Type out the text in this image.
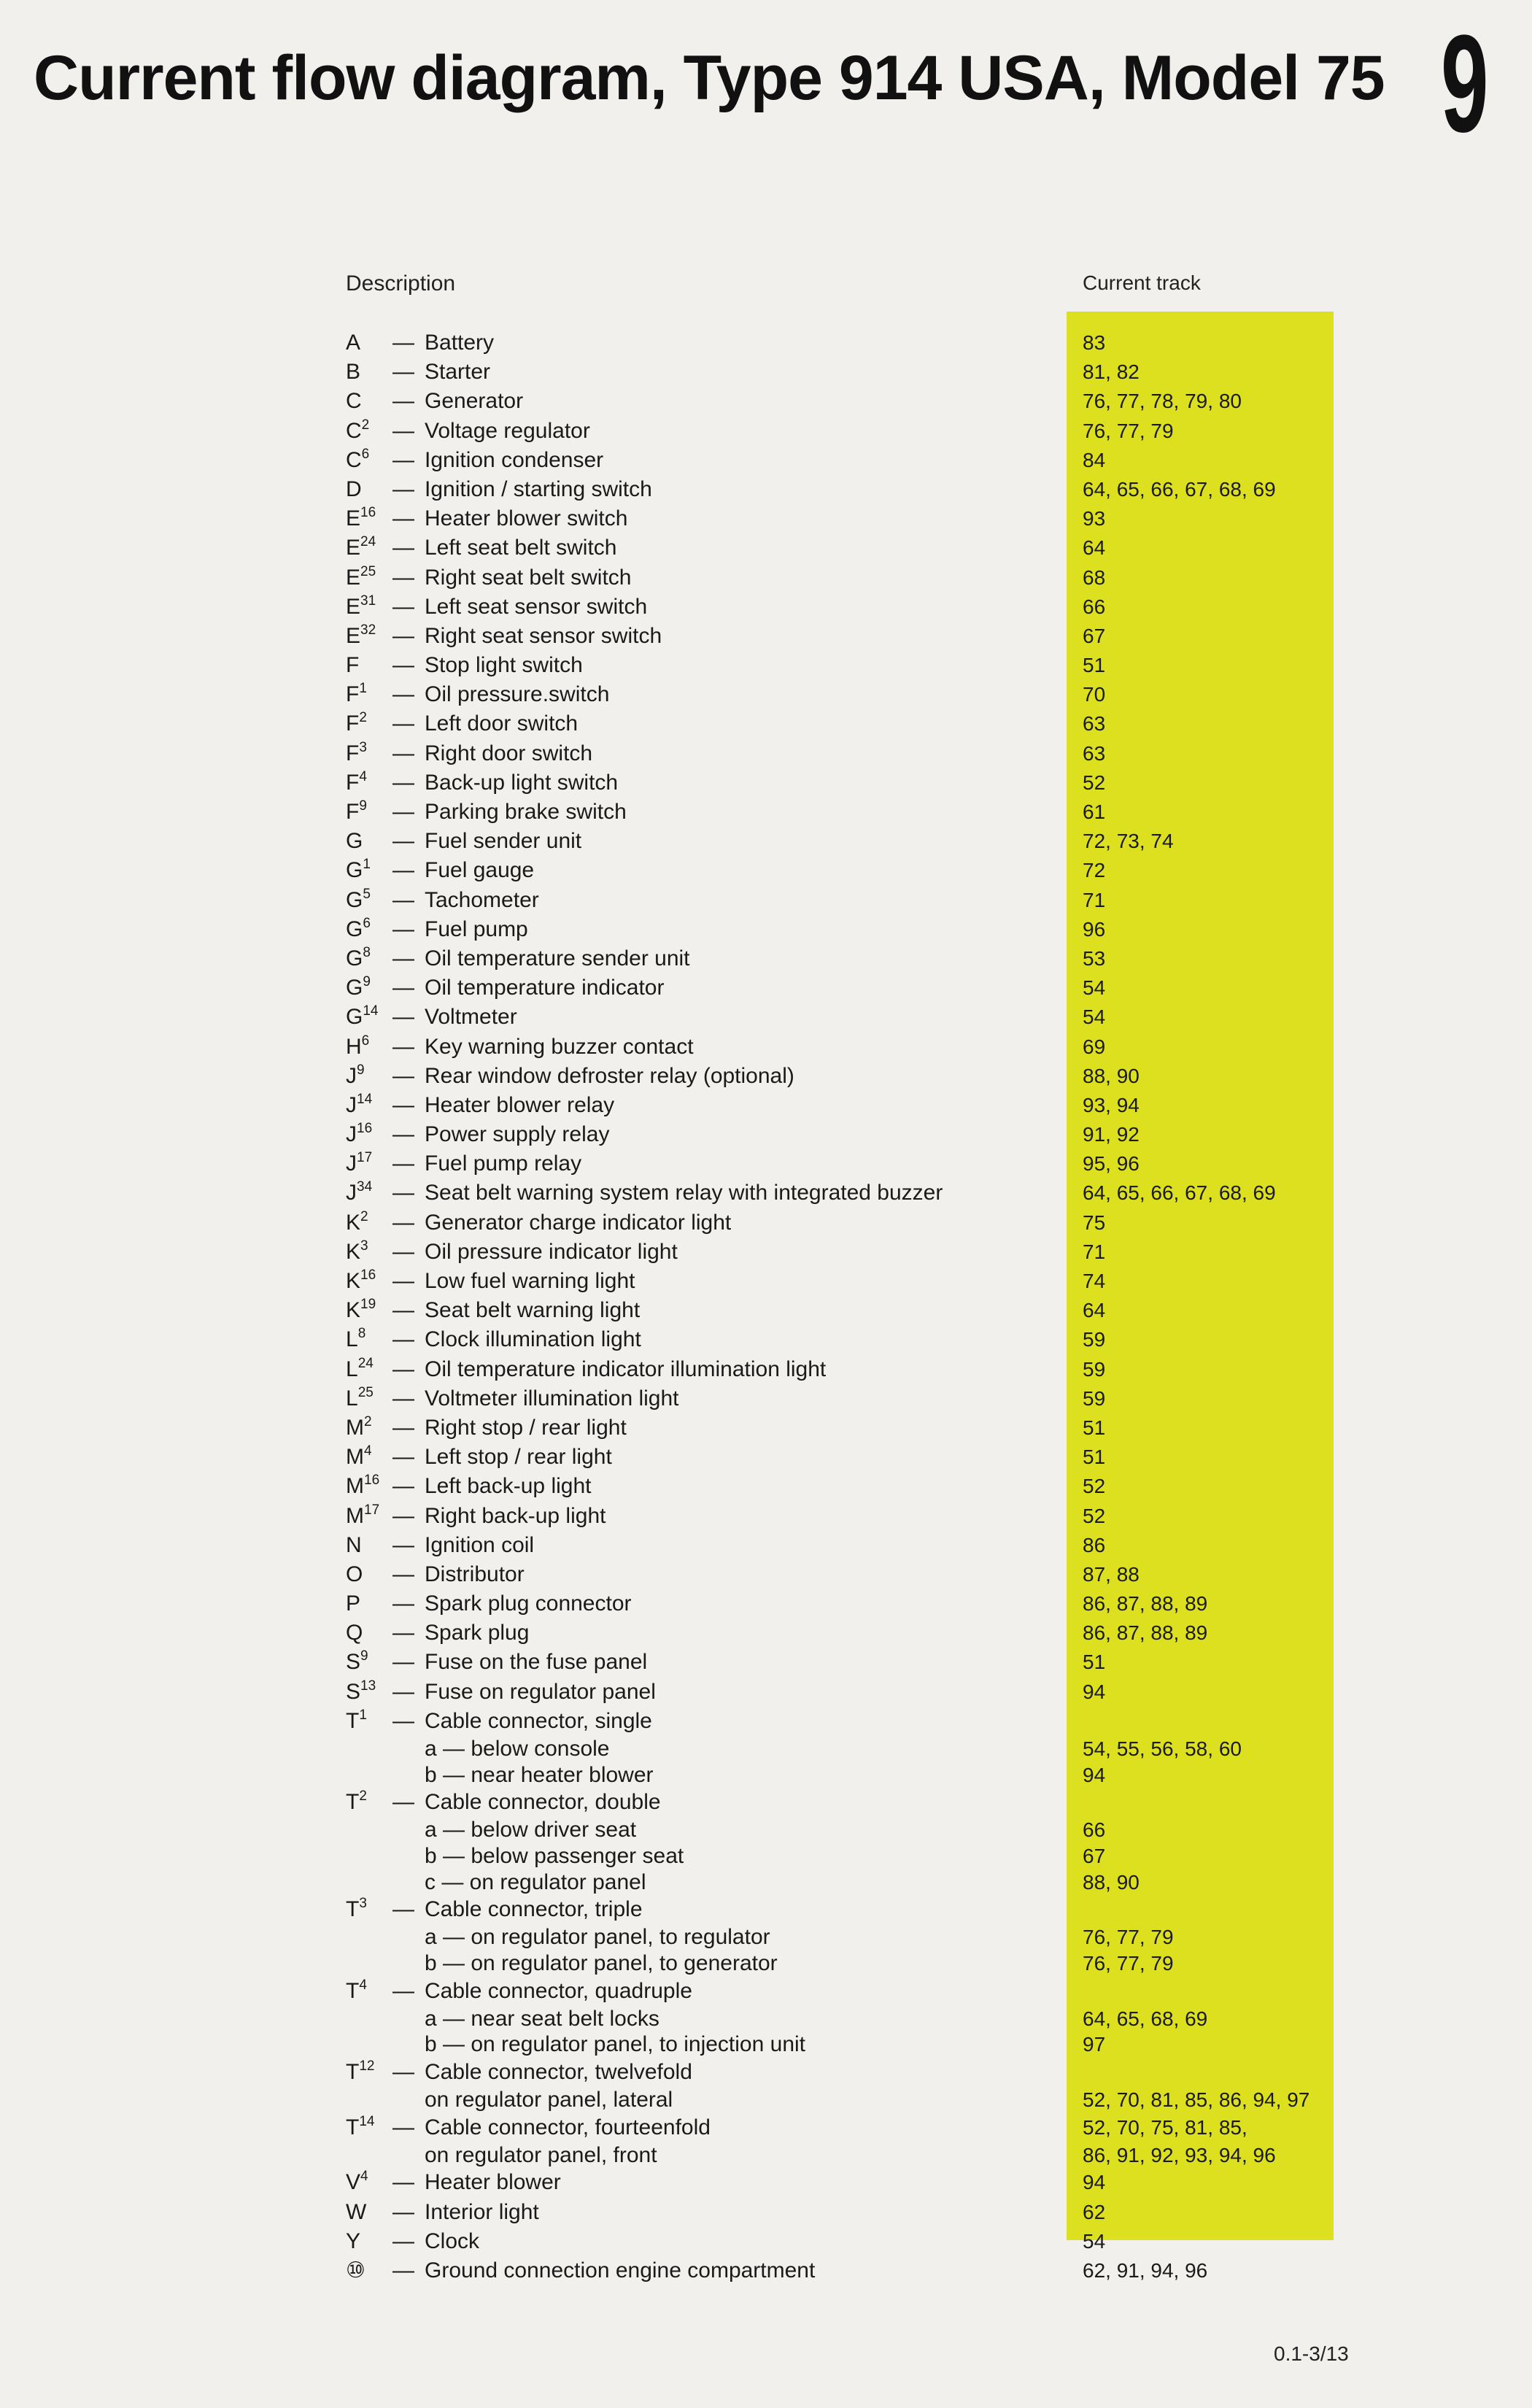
Current flow diagram, Type 914 USA, Model 75 9
Description	Current track
A — Battery	83
B — Starter	81, 82
C — Generator	76, 77, 78, 79, 80
$C^2$ — Voltage regulator	76, 77, 79
$C^6$ — Ignition condenser	84
D — Ignition / starting switch	64, 65, 66, 67, 68, 69
$E^{16}$ — Heater blower switch	93
$E^{24}$ — Left seat belt switch	64
$E^{25}$ — Right seat belt switch	68
$E^{31}$ — Left seat sensor switch	66
$E^{32}$ — Right seat sensor switch	67
F — Stop light switch	51
$F^1$ — Oil pressure.switch	70
$F^2$ — Left door switch	63
$F^3$ — Right door switch	63
$F^4$ — Back-up light switch	52
$F^9$ — Parking brake switch	61
G — Fuel sender unit	72, 73, 74
$G^1$ — Fuel gauge	72
$G^5$ — Tachometer	71
$G^6$ — Fuel pump	96
$G^8$ — Oil temperature sender unit	53
$G^9$ — Oil temperature indicator	54
$G^{14}$ — Voltmeter	54
$H^6$ — Key warning buzzer contact	69
$J^9$ — Rear window defroster relay (optional)	88, 90
$J^{14}$ — Heater blower relay	93, 94
$J^{16}$ — Power supply relay	91, 92
$J^{17}$ — Fuel pump relay	95, 96
$J^{34}$ — Seat belt warning system relay with integrated buzzer	64, 65, 66, 67, 68, 69
$K^2$ — Generator charge indicator light	75
$K^3$ — Oil pressure indicator light	71
$K^{16}$ — Low fuel warning light	74
$K^{19}$ — Seat belt warning light	64
$L^8$ — Clock illumination light	59
$L^{24}$ — Oil temperature indicator illumination light	59
$L^{25}$ — Voltmeter illumination light	59
$M^2$ — Right stop / rear light	51
$M^4$ — Left stop / rear light	51
$M^{16}$ — Left back-up light	52
$M^{17}$ — Right back-up light	52
N — Ignition coil	86
O — Distributor	87, 88
P — Spark plug connector	86, 87, 88, 89
Q — Spark plug	86, 87, 88, 89
$S^9$ — Fuse on the fuse panel	51
$S^{13}$ — Fuse on regulator panel	94
$T^1$ — Cable connector, single
a — below console	54, 55, 56, 58, 60
b — near heater blower	94
$T^2$ — Cable connector, double
a — below driver seat	66
b — below passenger seat	67
c — on regulator panel	88, 90
$T^3$ — Cable connector, triple
a — on regulator panel, to regulator	76, 77, 79
b — on regulator panel, to generator	76, 77, 79
$T^4$ — Cable connector, quadruple
a — near seat belt locks	64, 65, 68, 69
b — on regulator panel, to injection unit	97
$T^{12}$ — Cable connector, twelvefold
on regulator panel, lateral	52, 70, 81, 85, 86, 94, 97
$T^{14}$ — Cable connector, fourteenfold	52, 70, 75, 81, 85,
on regulator panel, front	86, 91, 92, 93, 94, 96
$V^4$ — Heater blower	94
W — Interior light	62
Y — Clock	54
⑩ — Ground connection engine compartment	62, 91, 94, 96
0.1-3/13
